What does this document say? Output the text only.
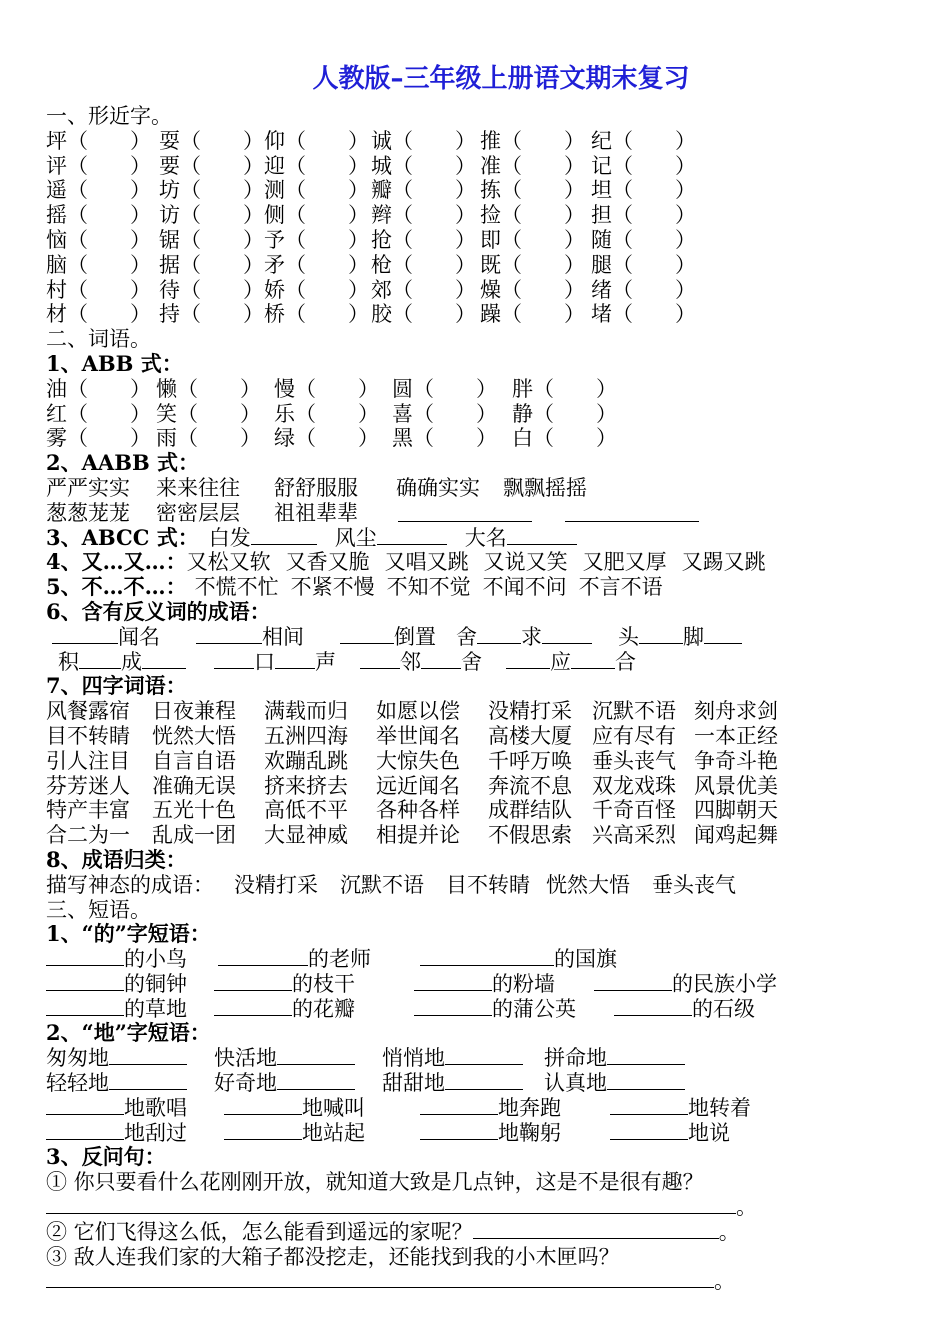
人教版–三年级上册语文期末复习
一、形近字。
坪（　　） 耍（　　） 仰（　　） 诚（　　） 推（　　） 纪（　　）
评（　　） 要（　　） 迎（　　） 城（　　） 准（　　） 记（　　）
遥（　　） 坊（　　） 测（　　） 瓣（　　） 拣（　　） 坦（　　）
摇（　　） 访（　　） 侧（　　） 辫（　　） 捡（　　） 担（　　）
恼（　　） 锯（　　） 予（　　） 抢（　　） 即（　　） 随（　　）
脑（　　） 据（　　） 矛（　　） 枪（　　） 既（　　） 腿（　　）
村（　　） 待（　　） 娇（　　） 郊（　　） 燥（　　） 绪（　　）
材（　　） 持（　　） 桥（　　） 胶（　　） 躁（　　） 堵（　　）
二、词语。
1、ABB 式：
油（　　） 懒（　　） 慢（　　） 圆（　　） 胖（　　）
红（　　） 笑（　　） 乐（　　） 喜（　　） 静（　　）
雾（　　） 雨（　　） 绿（　　） 黑（　　） 白（　　）
2、AABB 式：
严严实实 来来往往 舒舒服服 确确实实 飘飘摇摇
葱葱茏茏 密密层层 祖祖辈辈
3、ABCC 式： 白发	风尘	大名
4、又…又…：又松又软 又香又脆 又唱又跳 又说又笑 又肥又厚 又踢又跳
5、不…不…： 不慌不忙 不紧不慢 不知不觉 不闻不问 不言不语
6、含有反义词的成语：
闻名	相间	倒置 舍 求	头 脚
积 成	口 声	邻 舍	应 合
7、四字词语：
风餐露宿 日夜兼程 满载而归 如愿以偿 没精打采 沉默不语 刻舟求剑
目不转睛 恍然大悟 五洲四海 举世闻名 高楼大厦 应有尽有 一本正经
引人注目 自言自语 欢蹦乱跳 大惊失色 千呼万唤 垂头丧气 争奇斗艳
芬芳迷人 准确无误 挤来挤去 远近闻名 奔流不息 双龙戏珠 风景优美
特产丰富 五光十色 高低不平 各种各样 成群结队 千奇百怪 四脚朝天
合二为一 乱成一团 大显神威 相提并论 不假思索 兴高采烈 闻鸡起舞
8、成语归类：
描写神态的成语： 没精打采 沉默不语 目不转睛 恍然大悟 垂头丧气
三、短语。
1、“的”字短语：
的小鸟	的老师	的国旗
的铜钟	的枝干	的粉墙	的民族小学
的草地	的花瓣	的蒲公英	的石级
2、“地”字短语：
匆匆地	快活地	悄悄地	拼命地
轻轻地	好奇地	甜甜地	认真地
地歌唱	地喊叫	地奔跑	地转着
地刮过	地站起	地鞠躬	地说
3、反问句：
① 你只要看什么花刚刚开放，就知道大致是几点钟，这是不是很有趣？
。
② 它们飞得这么低，怎么能看到遥远的家呢？	。
③ 敌人连我们家的大箱子都没挖走，还能找到我的小木匣吗？
。
